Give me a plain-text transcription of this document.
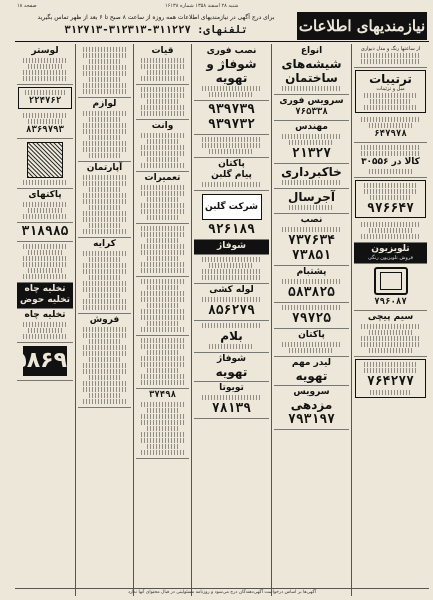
صفحه ۱۸	شنبه ۲۸ اسفند ۱۳۵۸ شماره ۱۶۱۳۸
نیازمندیهای اطلاعات
برای درج آگهی در نیازمندیهای اطلاعات همه روزه از ساعت ۸ صبح تا ۶ بعد از ظهر تماس بگیرید
تلفنهای: ۳۱۱۲۲۷-۳۱۲۳۱۳-۳۱۲۷۱۳
از ساعتها رنگ و مدل دیواری
ترتیبات
مبل و تزئینات
۶۴۷۹۷۸
کالا در ۳۰۵۵۶
۹۷۶۶۴۷
تلویزیون
فروش تلویزیون رنگی
۷۹۶۰۸۷
سیم پیچی
۷۶۴۲۷۷
انواع
شیشه‌های ساختمان
سرویس فوری
۷۶۵۳۳۸
مهندس
۲۱۳۲۷
خاکبرداری
آجرسال
نصب
۷۳۷۶۳۴
۷۳۸۵۱
پشتبام
۵۸۳۸۲۵
۷۹۷۲۵
پاکتان
لیدر مهم
تهویه
سرویس
مزدهی
۷۹۳۱۹۷
نصب فوری
شوفاژ و تهویه
۹۳۹۷۳۹
۹۳۹۷۳۲
پاکتان
پیام گلبن
شرکت گلبن
۹۲۶۱۸۹
شوفاژ
لوله کشی
۸۵۶۲۷۹
بلام
شوفاژ
تهویه
تویوتا
۷۸۱۳۹
قیات
وانت
تعمیرات
۳۷۴۹۸
لوازم
آپارتمان
کرایه
فروش
لوستر
۲۲۴۷۶۲
۸۳۶۹۷۹۳
پاکتهای
۳۱۸۹۸۵
تخلیه چاه
تخلیه حوض
تخلیه چاه
۷۵۸۶۹
آگهی‌ها بر اساس درخواست آگهی‌دهندگان درج می‌شود و روزنامه مسئولیتی در قبال محتوای آنها ندارد
